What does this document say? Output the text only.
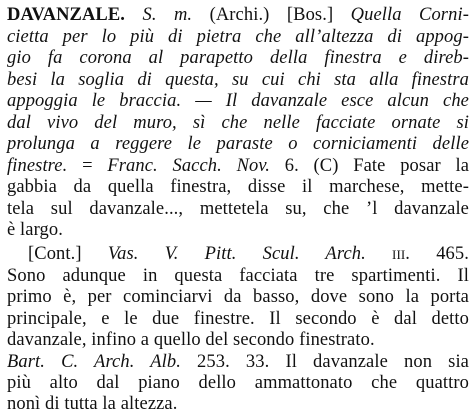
DAVANZALE. S. m. (Archi.) [Bos.] Quella Corni-
cietta per lo più di pietra che all’altezza di appog-
gio fa corona al parapetto della finestra e direb-
besi la soglia di questa, su cui chi sta alla finestra
appoggia le braccia. — Il davanzale esce alcun che
dal vivo del muro, sì che nelle facciate ornate si
prolunga a reggere le paraste o corniciamenti delle
finestre. = Franc. Sacch. Nov. 6. (C) Fate posar la
gabbia da quella finestra, disse il marchese, mette-
tela sul davanzale..., mettetela su, che ’l davanzale
è largo.
[Cont.] Vas. V. Pitt. Scul. Arch. iii. 465.
Sono adunque in questa facciata tre spartimenti. Il
primo è, per cominciarvi da basso, dove sono la porta
principale, e le due finestre. Il secondo è dal detto
davanzale, infino a quello del secondo finestrato.
Bart. C. Arch. Alb. 253. 33. Il davanzale non sia
più alto dal piano dello ammattonato che quattro
nonì di tutta la altezza.
